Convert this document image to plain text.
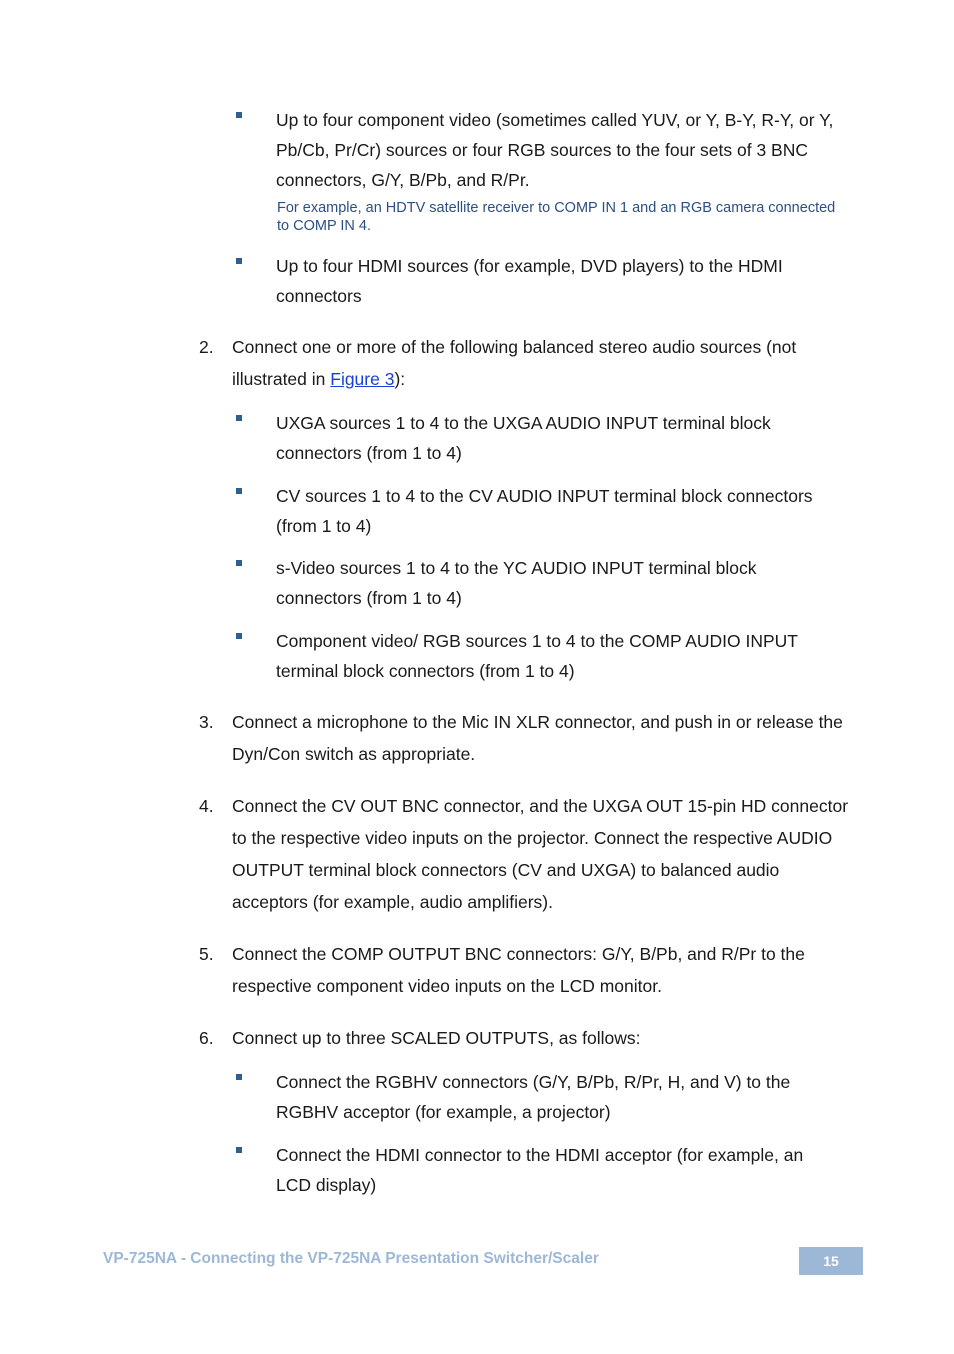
Up to four component video (sometimes called YUV, or Y, B-Y, R-Y, or Y, Pb/Cb, Pr/Cr) sources or four RGB sources to the four sets of 3 BNC connectors, G/Y, B/Pb, and R/Pr.
For example, an HDTV satellite receiver to COMP IN 1 and an RGB camera connected to COMP IN 4.
Up to four HDMI sources (for example, DVD players) to the HDMI connectors
2. Connect one or more of the following balanced stereo audio sources (not illustrated in Figure 3):
UXGA sources 1 to 4 to the UXGA AUDIO INPUT terminal block connectors (from 1 to 4)
CV sources 1 to 4 to the CV AUDIO INPUT terminal block connectors (from 1 to 4)
s-Video sources 1 to 4 to the YC AUDIO INPUT terminal block connectors (from 1 to 4)
Component video/ RGB sources 1 to 4 to the COMP AUDIO INPUT terminal block connectors (from 1 to 4)
3. Connect a microphone to the Mic IN XLR connector, and push in or release the Dyn/Con switch as appropriate.
4. Connect the CV OUT BNC connector, and the UXGA OUT 15-pin HD connector to the respective video inputs on the projector. Connect the respective AUDIO OUTPUT terminal block connectors (CV and UXGA) to balanced audio acceptors (for example, audio amplifiers).
5. Connect the COMP OUTPUT BNC connectors: G/Y, B/Pb, and R/Pr to the respective component video inputs on the LCD monitor.
6. Connect up to three SCALED OUTPUTS, as follows:
Connect the RGBHV connectors (G/Y, B/Pb, R/Pr, H, and V) to the RGBHV acceptor (for example, a projector)
Connect the HDMI connector to the HDMI acceptor (for example, an LCD display)
VP-725NA - Connecting the VP-725NA Presentation Switcher/Scaler	15
